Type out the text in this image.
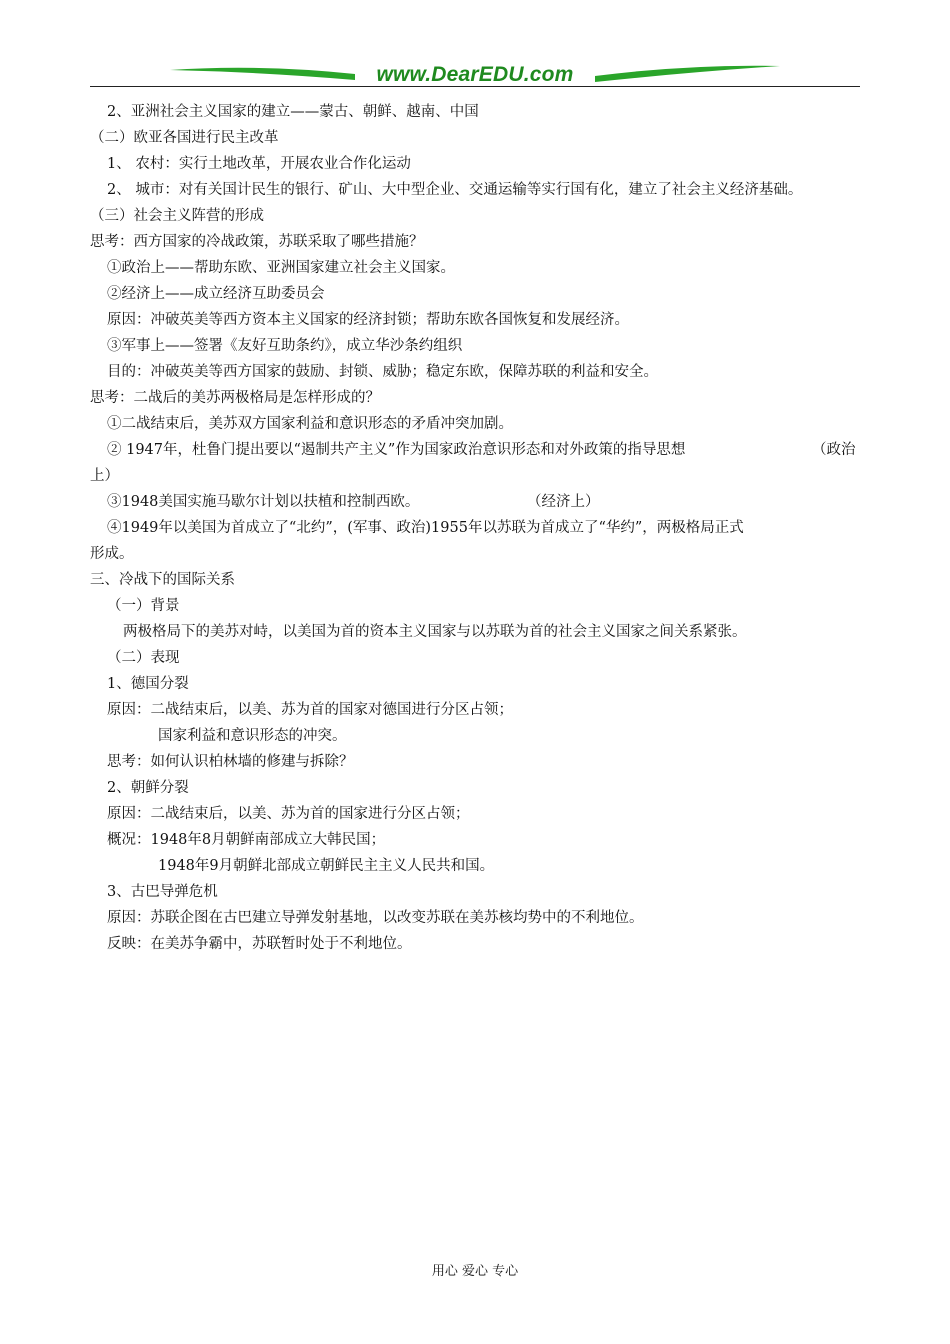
www.DearEDU.com
2、亚洲社会主义国家的建立——蒙古、朝鲜、越南、中国
（二）欧亚各国进行民主改革
1、 农村：实行土地改革，开展农业合作化运动
2、 城市：对有关国计民生的银行、矿山、大中型企业、交通运输等实行国有化，建立了社会主义经济基础。
（三）社会主义阵营的形成
思考：西方国家的冷战政策，苏联采取了哪些措施？
①政治上——帮助东欧、亚洲国家建立社会主义国家。
②经济上——成立经济互助委员会
原因：冲破英美等西方资本主义国家的经济封锁；帮助东欧各国恢复和发展经济。
③军事上——签署《友好互助条约》，成立华沙条约组织
目的：冲破英美等西方国家的鼓励、封锁、威胁；稳定东欧，保障苏联的利益和安全。
思考：二战后的美苏两极格局是怎样形成的？
①二战结束后，美苏双方国家利益和意识形态的矛盾冲突加剧。
② 1947年，杜鲁门提出要以“遏制共产主义”作为国家政治意识形态和对外政策的指导思想	（政治
上）
③1948美国实施马歇尔计划以扶植和控制西欧。	（经济上）
④1949年以美国为首成立了“北约”，(军事、政治)1955年以苏联为首成立了“华约”，两极格局正式
形成。
三、冷战下的国际关系
（一）背景
两极格局下的美苏对峙，以美国为首的资本主义国家与以苏联为首的社会主义国家之间关系紧张。
（二）表现
1、德国分裂
原因：二战结束后，以美、苏为首的国家对德国进行分区占领；
国家利益和意识形态的冲突。
思考：如何认识柏林墙的修建与拆除？
2、朝鲜分裂
原因：二战结束后，以美、苏为首的国家进行分区占领；
概况：1948年8月朝鲜南部成立大韩民国；
1948年9月朝鲜北部成立朝鲜民主主义人民共和国。
3、古巴导弹危机
原因：苏联企图在古巴建立导弹发射基地，以改变苏联在美苏核均势中的不利地位。
反映：在美苏争霸中，苏联暂时处于不利地位。
用心 爱心 专心
